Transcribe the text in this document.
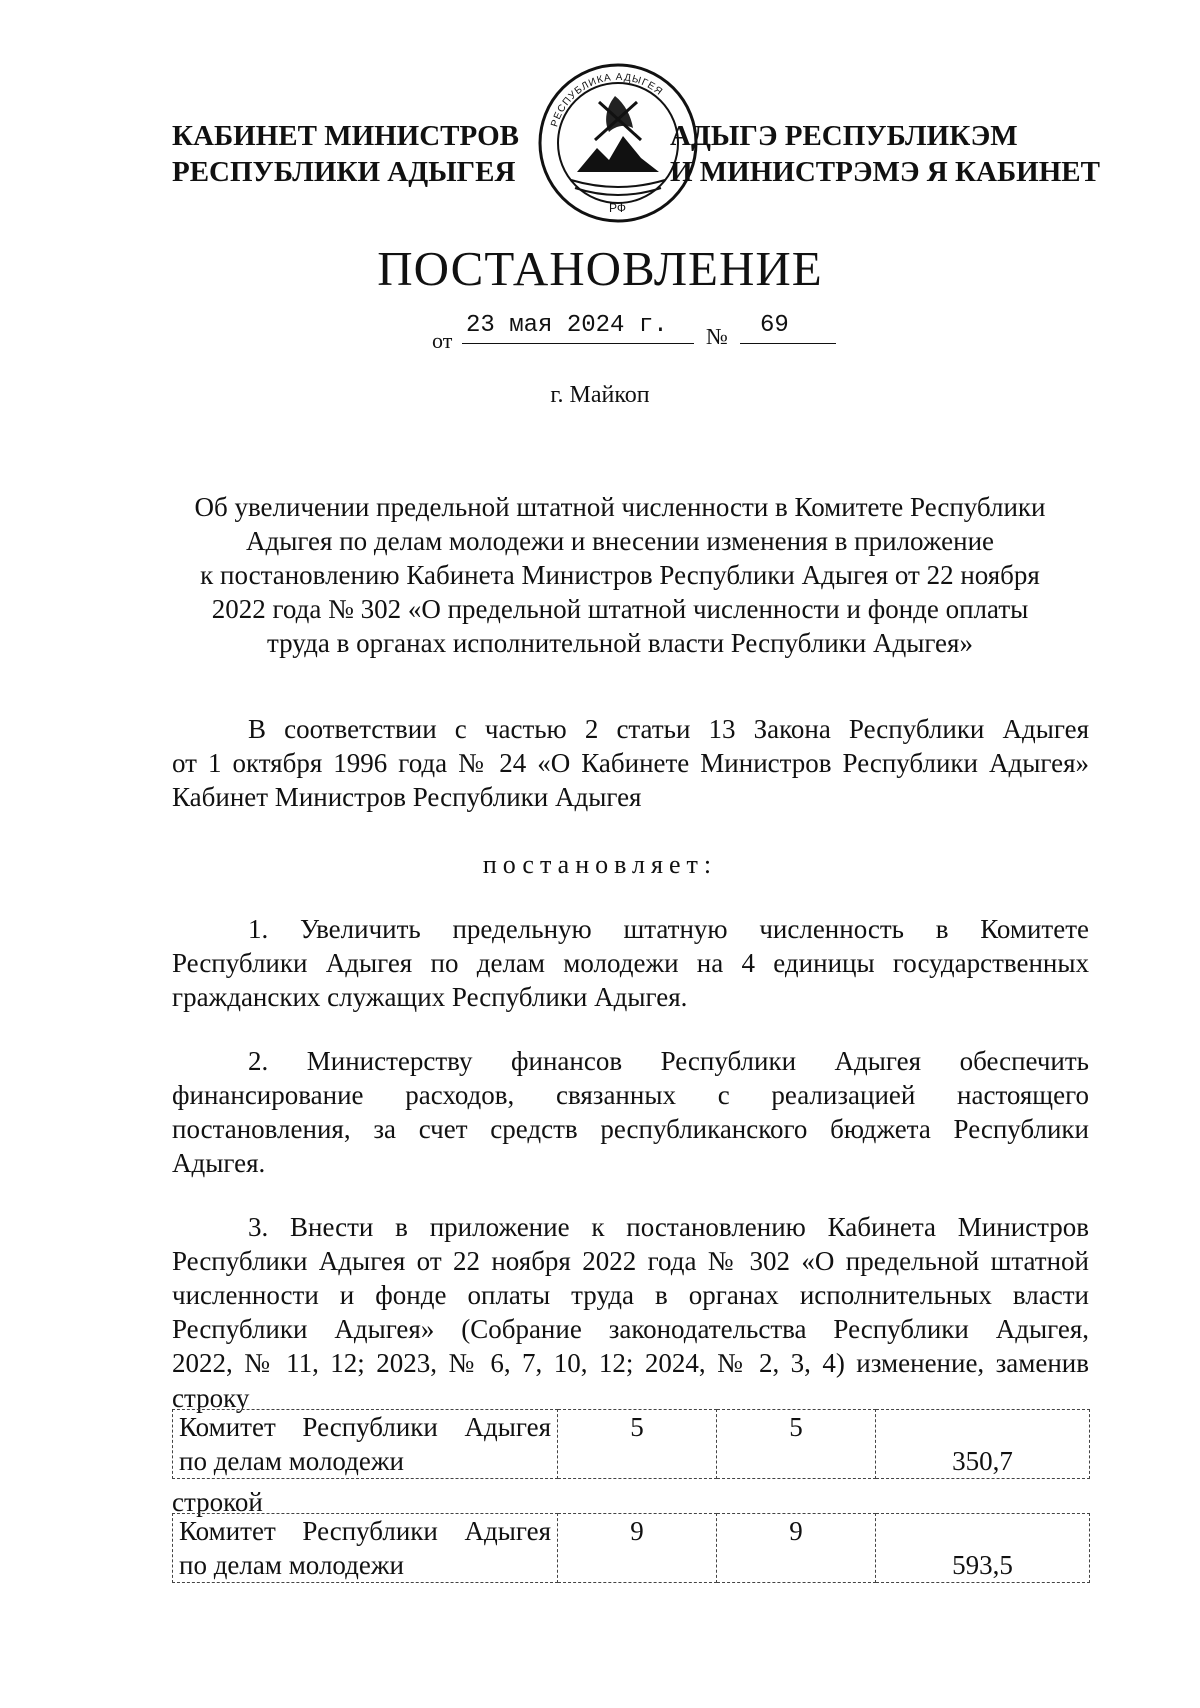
КАБИНЕТ МИНИСТРОВ
РЕСПУБЛИКИ АДЫГЕЯ
РЕСПУБЛИКА АДЫГЕЯ
РФ
АДЫГЭ РЕСПУБЛИКЭМ
И МИНИСТРЭМЭ Я КАБИНЕТ
ПОСТАНОВЛЕНИЕ
от
23 мая 2024 г.	№	69
г. Майкоп
Об увеличении предельной штатной численности в Комитете Республики
Адыгея по делам молодежи и внесении изменения в приложение
к постановлению Кабинета Министров Республики Адыгея от 22 ноября
2022 года № 302 «О предельной штатной численности и фонде оплаты
труда в органах исполнительной власти Республики Адыгея»
В соответствии с частью 2 статьи 13 Закона Республики Адыгея
от 1 октября 1996 года № 24 «О Кабинете Министров Республики Адыгея»
Кабинет Министров Республики Адыгея
постановляет:
1. Увеличить предельную штатную численность в Комитете
Республики Адыгея по делам молодежи на 4 единицы государственных
гражданских служащих Республики Адыгея.
2. Министерству финансов Республики Адыгея обеспечить
финансирование расходов, связанных с реализацией настоящего
постановления, за счет средств республиканского бюджета Республики
Адыгея.
3. Внести в приложение к постановлению Кабинета Министров
Республики Адыгея от 22 ноября 2022 года № 302 «О предельной штатной
численности и фонде оплаты труда в органах исполнительных власти
Республики Адыгея» (Собрание законодательства Республики Адыгея,
2022, № 11, 12; 2023, № 6, 7, 10, 12; 2024, № 2, 3, 4) изменение, заменив
строку
Комитет Республики Адыгея
по делам молодежи
	5	5	350,7
строкой
Комитет Республики Адыгея
по делам молодежи
	9	9	593,5
